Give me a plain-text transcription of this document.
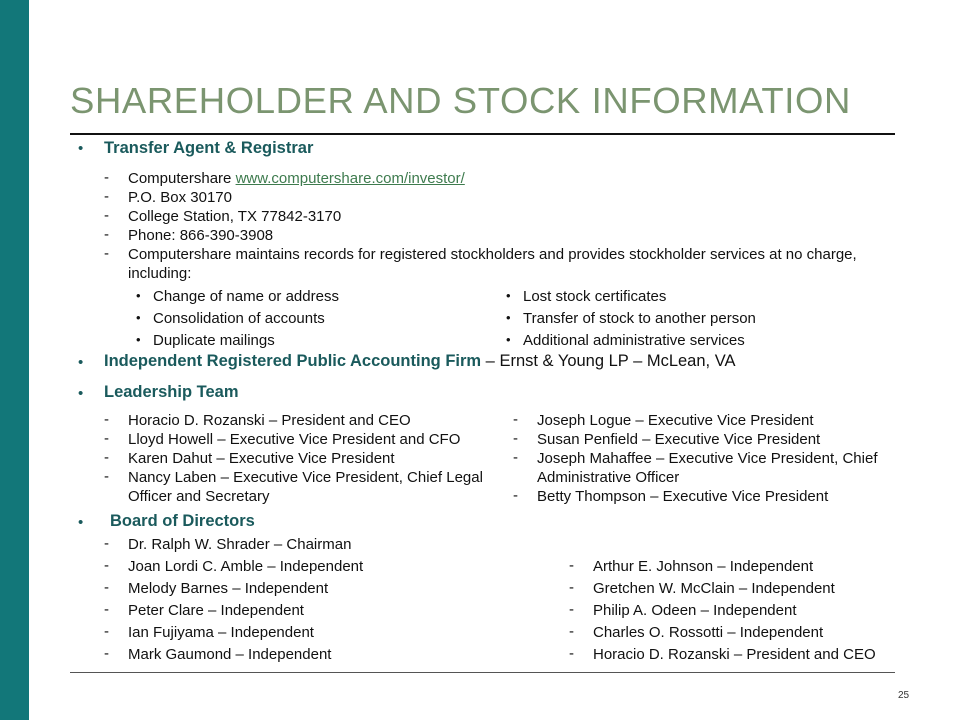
SHAREHOLDER AND STOCK INFORMATION
• Transfer Agent & Registrar
- Computershare www.computershare.com/investor/
- P.O. Box 30170
- College Station, TX 77842-3170
- Phone: 866-390-3908
- Computershare maintains records for registered stockholders and provides stockholder services at no charge,
including:
• Change of name or address
• Consolidation of accounts
• Duplicate mailings
• Lost stock certificates
• Transfer of stock to another person
• Additional administrative services
• Independent Registered Public Accounting Firm – Ernst & Young LP – McLean, VA
• Leadership Team
- Horacio D. Rozanski – President and CEO
- Lloyd Howell – Executive Vice President and CFO
- Karen Dahut – Executive Vice President
- Nancy Laben – Executive Vice President, Chief Legal
Officer and Secretary
- Joseph Logue – Executive Vice President
- Susan Penfield – Executive Vice President
- Joseph Mahaffee – Executive Vice President, Chief
Administrative Officer
- Betty Thompson – Executive Vice President
• Board of Directors
- Dr. Ralph W. Shrader – Chairman
- Joan Lordi C. Amble – Independent
- Melody Barnes – Independent
- Peter Clare – Independent
- Ian Fujiyama – Independent
- Mark Gaumond – Independent
- Arthur E. Johnson – Independent
- Gretchen W. McClain – Independent
- Philip A. Odeen – Independent
- Charles O. Rossotti – Independent
- Horacio D. Rozanski – President and CEO
25
